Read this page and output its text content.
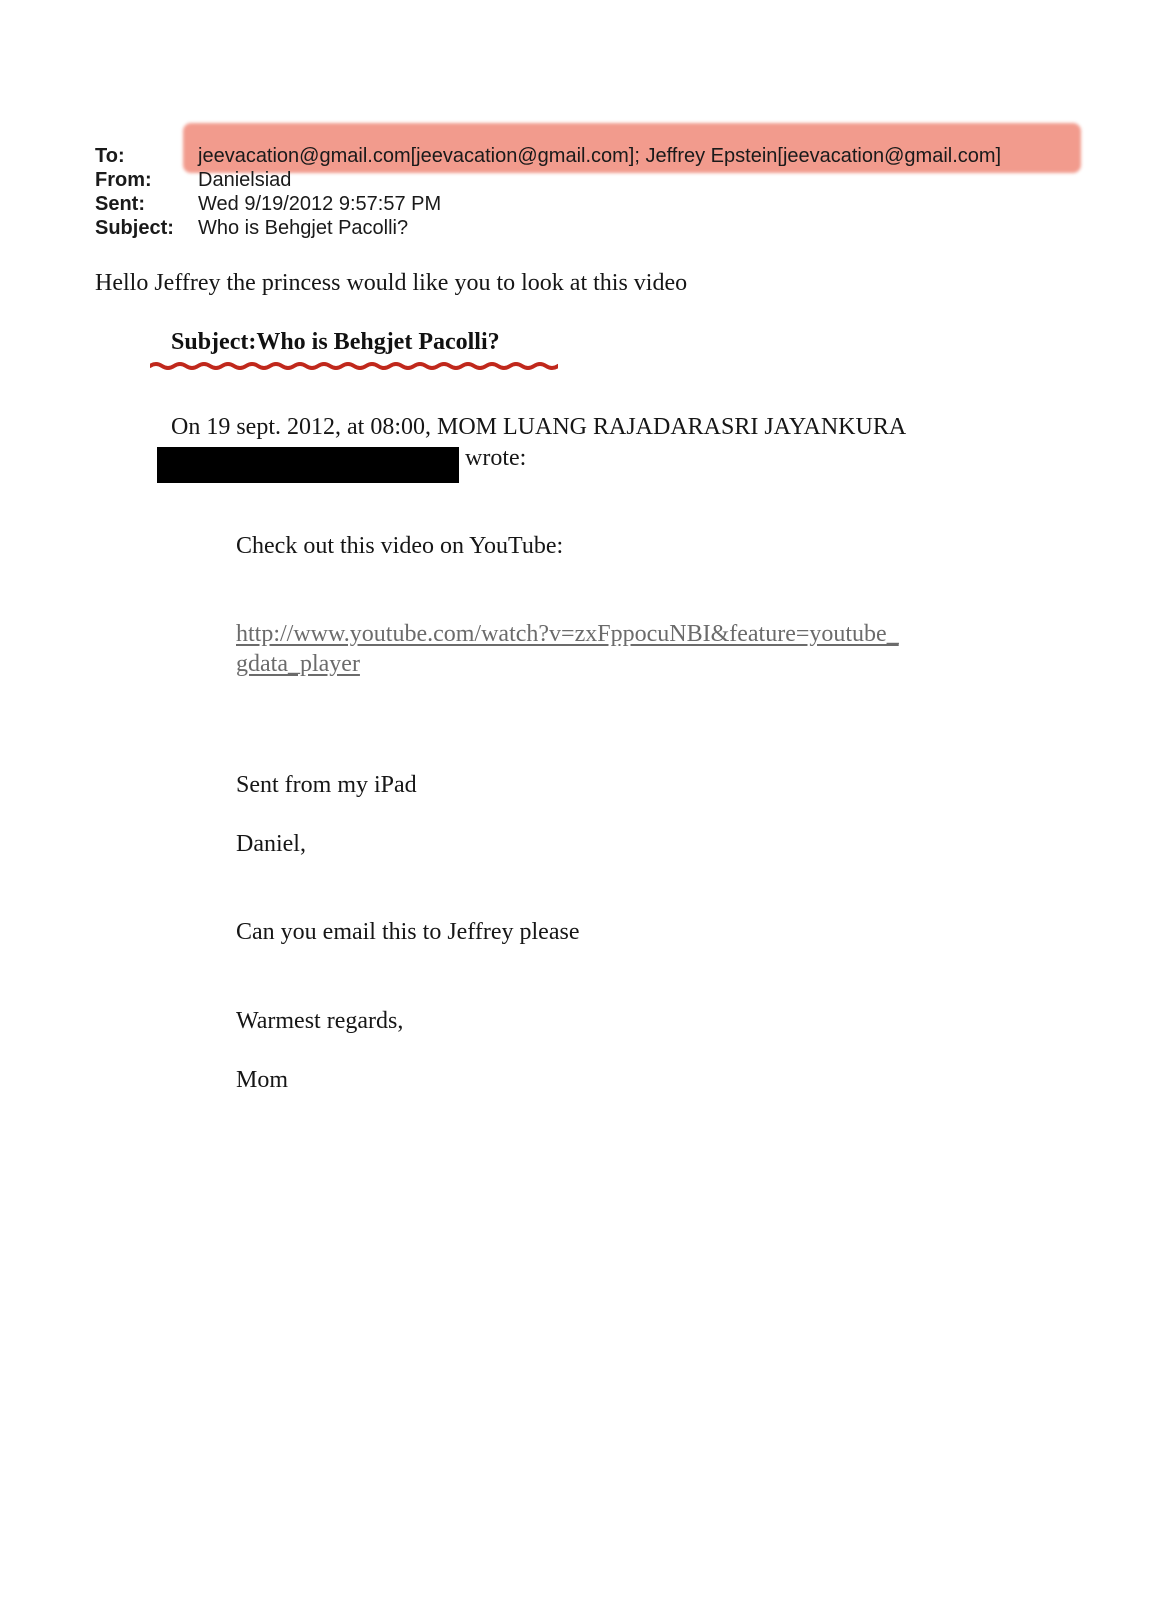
To:
From:
Sent:
Subject:
jeevacation@gmail.com[jeevacation@gmail.com]; Jeffrey Epstein[jeevacation@gmail.com]
Danielsiad
Wed 9/19/2012 9:57:57 PM
Who is Behgjet Pacolli?
Hello Jeffrey the princess would like you to look at this video
Subject:Who is Behgjet Pacolli?
On 19 sept. 2012, at 08:00, MOM LUANG RAJADARASRI JAYANKURA
wrote:
Check out this video on YouTube:
http://www.youtube.com/watch?v=zxFppocuNBI&feature=youtube_
gdata_player
Sent from my iPad
Daniel,
Can you email this to Jeffrey please
Warmest regards,
Mom
